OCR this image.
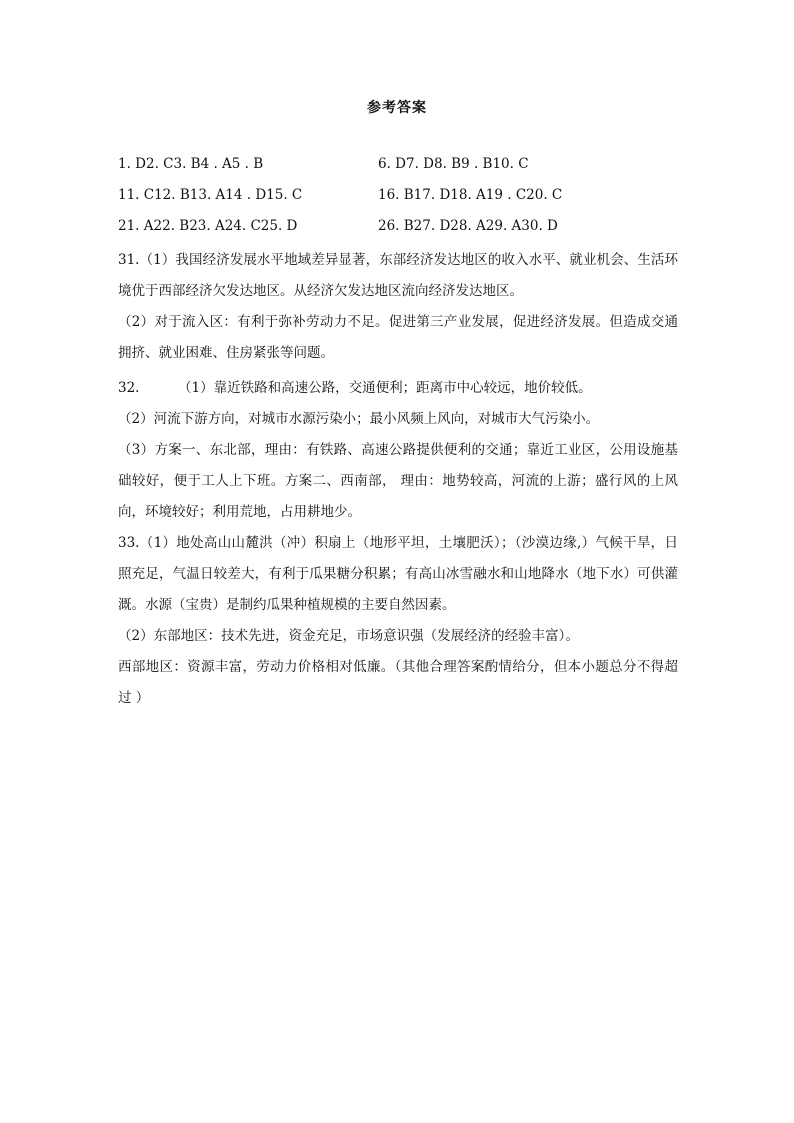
参考答案
1. D2. C3. B4 . A5 . B	6. D7. D8. B9 . B10. C
11. C12. B13. A14 . D15. C	16. B17. D18. A19 . C20. C
21. A22. B23. A24. C25. D	26. B27. D28. A29. A30. D

31.（1）我国经济发展水平地域差异显著，东部经济发达地区的收入水平、就业机会、生活环境优于西部经济欠发达地区。从经济欠发达地区流向经济发达地区。

（2）对于流入区：有利于弥补劳动力不足。促进第三产业发展，促进经济发展。但造成交通拥挤、就业困难、住房紧张等问题。

32.	（1）靠近铁路和高速公路，交通便利；距离市中心较远，地价较低。

（2）河流下游方向，对城市水源污染小；最小风频上风向，对城市大气污染小。

（3）方案一、东北部，理由：有铁路、高速公路提供便利的交通；靠近工业区，公用设施基础较好，便于工人上下班。方案二、西南部， 理由：地势较高，河流的上游；盛行风的上风向，环境较好；利用荒地，占用耕地少。

33.（1）地处高山山麓洪（冲）积扇上（地形平坦，土壤肥沃）；（沙漠边缘,）气候干旱，日照充足，气温日较差大，有利于瓜果糖分积累；有高山冰雪融水和山地降水（地下水）可供灌溉。水源（宝贵）是制约瓜果种植规模的主要自然因素。

（2）东部地区：技术先进，资金充足，市场意识强（发展经济的经验丰富）。

西部地区：资源丰富，劳动力价格相对低廉。（其他合理答案酌情给分，但本小题总分不得超过 ）
